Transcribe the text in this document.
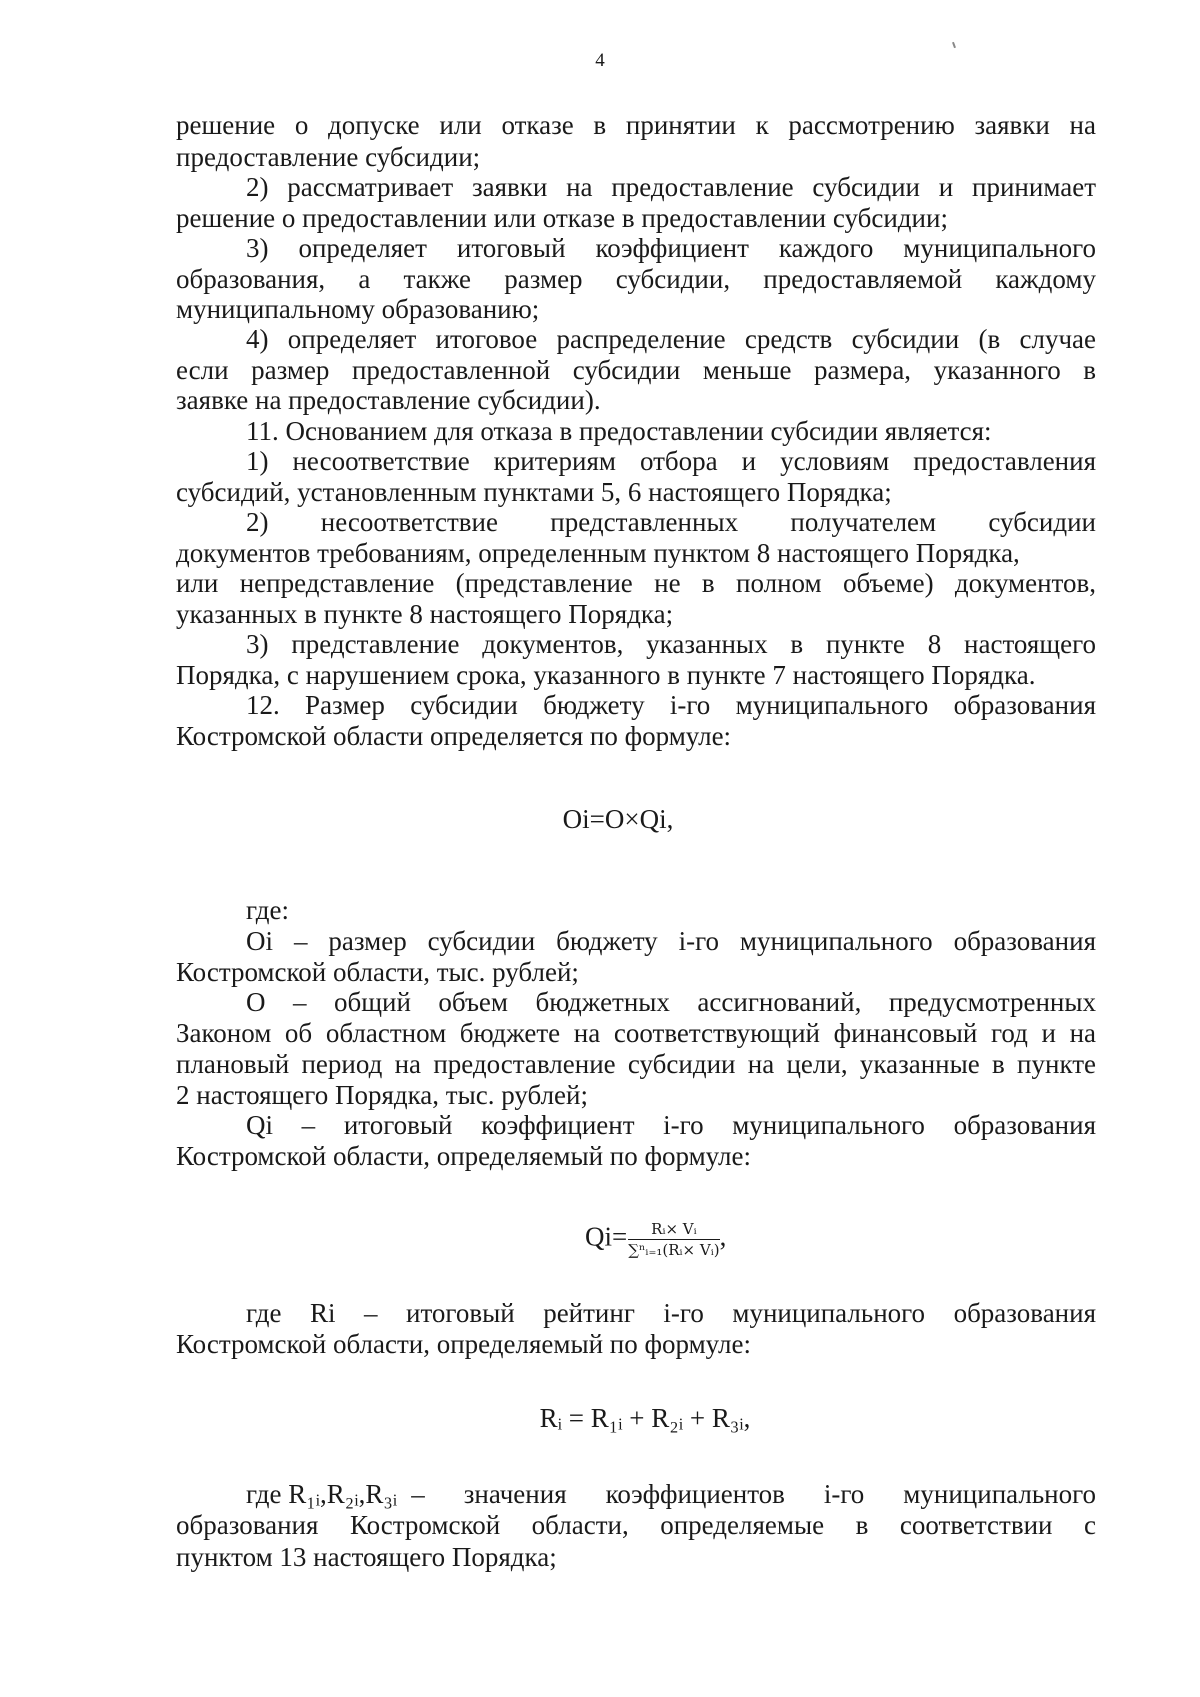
4
решение о допуске или отказе в принятии к рассмотрению заявки на
предоставление субсидии;
2) рассматривает заявки на предоставление субсидии и принимает
решение о предоставлении или отказе в предоставлении субсидии;
3) определяет итоговый коэффициент каждого муниципального
образования, а также размер субсидии, предоставляемой каждому
муниципальному образованию;
4) определяет итоговое распределение средств субсидии (в случае
если размер предоставленной субсидии меньше размера, указанного в
заявке на предоставление субсидии).
11. Основанием для отказа в предоставлении субсидии является:
1) несоответствие критериям отбора и условиям предоставления
субсидий, установленным пунктами 5, 6 настоящего Порядка;
2) несоответствие представленных получателем субсидии
документов требованиям, определенным пунктом 8 настоящего Порядка,
или непредставление (представление не в полном объеме) документов,
указанных в пункте 8 настоящего Порядка;
3) представление документов, указанных в пункте 8 настоящего
Порядка, с нарушением срока, указанного в пункте 7 настоящего Порядка.
12. Размер субсидии бюджету i-го муниципального образования
Костромской области определяется по формуле:
Oi=O×Qi,
где:
Oi – размер субсидии бюджету i-го муниципального образования
Костромской области, тыс. рублей;
O – общий объем бюджетных ассигнований, предусмотренных
Законом об областном бюджете на соответствующий финансовый год и на
плановый период на предоставление субсидии на цели, указанные в пункте
2 настоящего Порядка, тыс. рублей;
Qi – итоговый коэффициент i-го муниципального образования
Костромской области, определяемый по формуле:
$Qi= \frac{\text{Rᵢ× Vᵢ}}{\text{∑ⁿᵢ₌₁(Rᵢ× Vᵢ)}}$ ,
где Ri – итоговый рейтинг i-го муниципального образования
Костромской области, определяемый по формуле:
Rᵢ = R₁ᵢ + R₂ᵢ + R₃ᵢ,
где R₁ᵢ,R₂ᵢ,R₃ᵢ – значения коэффициентов i-го муниципального
образования Костромской области, определяемые в соответствии с
пунктом 13 настоящего Порядка;
